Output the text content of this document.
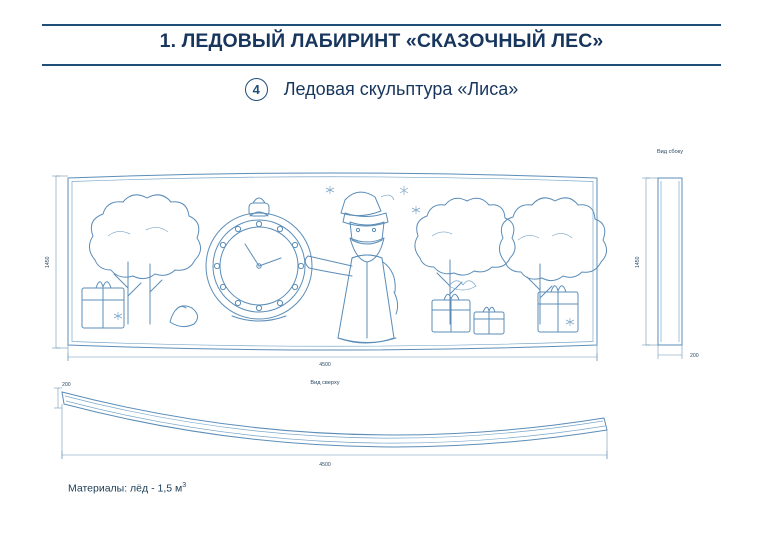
1. ЛЕДОВЫЙ ЛАБИРИНТ «СКАЗОЧНЫЙ ЛЕС»
4	Ледовая скульптура «Лиса»
1450
4500
Вид сбоку
1450
200
Вид сверху
200
4500
Материалы: лёд - 1,5 $м^3$
